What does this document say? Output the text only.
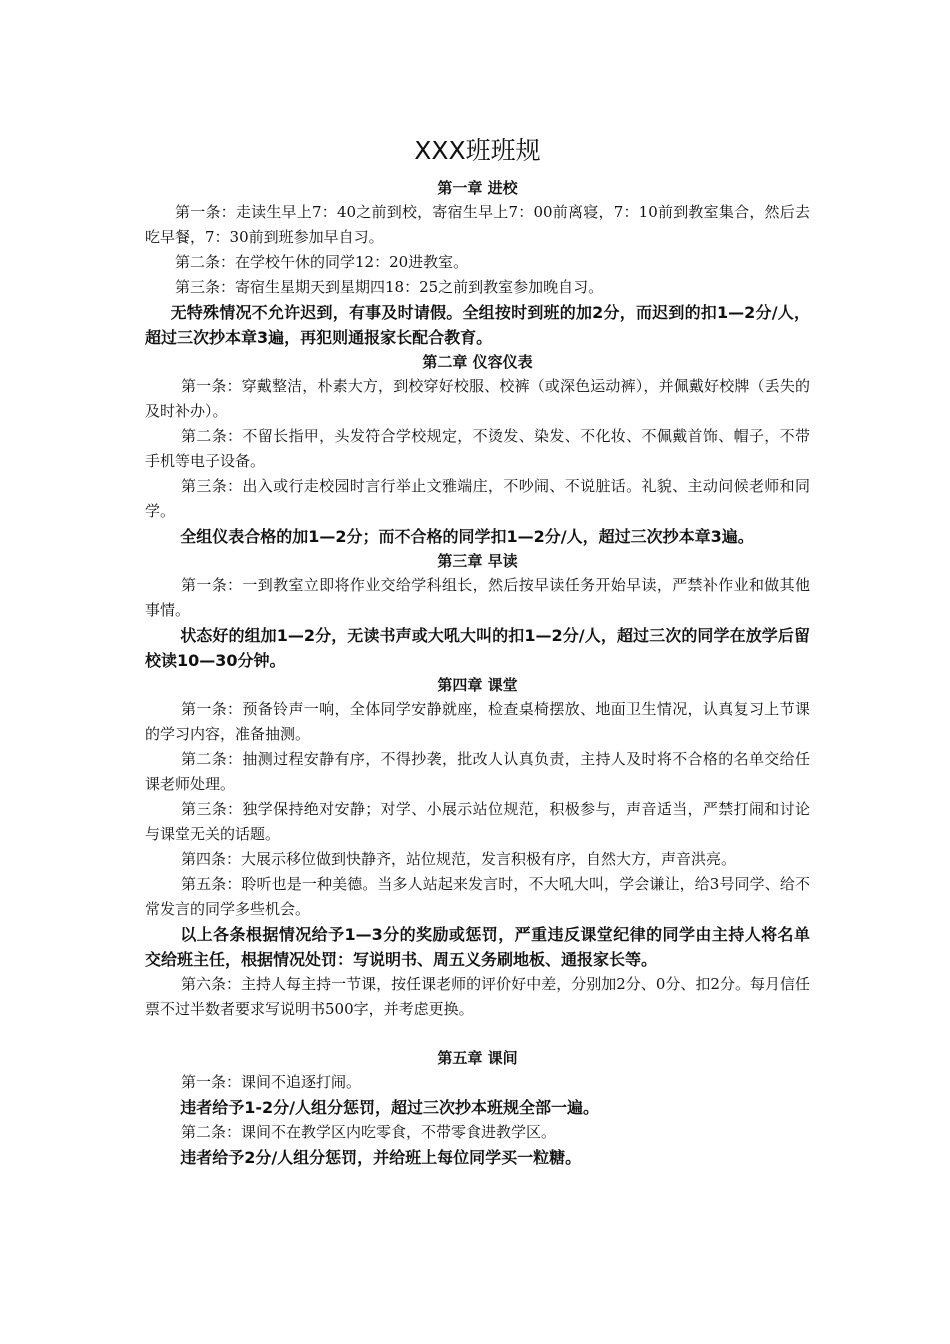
XXX班班规
第一章 进校

第一条：走读生早上7：40之前到校，寄宿生早上7：00前离寝，7：10前到教室集合，然后去吃早餐，7：30前到班参加早自习。

第二条：在学校午休的同学12：20进教室。

第三条：寄宿生星期天到星期四18：25之前到教室参加晚自习。

无特殊情况不允许迟到，有事及时请假。全组按时到班的加2分，而迟到的扣1—2分/人，超过三次抄本章3遍，再犯则通报家长配合教育。

第二章 仪容仪表

第一条：穿戴整洁，朴素大方，到校穿好校服、校裤（或深色运动裤），并佩戴好校牌（丢失的及时补办）。

第二条：不留长指甲，头发符合学校规定，不烫发、染发、不化妆、不佩戴首饰、帽子，不带手机等电子设备。

第三条：出入或行走校园时言行举止文雅端庄，不吵闹、不说脏话。礼貌、主动问候老师和同学。

全组仪表合格的加1—2分；而不合格的同学扣1—2分/人，超过三次抄本章3遍。

第三章 早读

第一条：一到教室立即将作业交给学科组长，然后按早读任务开始早读，严禁补作业和做其他事情。

状态好的组加1—2分，无读书声或大吼大叫的扣1—2分/人，超过三次的同学在放学后留校读10—30分钟。

第四章 课堂

第一条：预备铃声一响，全体同学安静就座，检查桌椅摆放、地面卫生情况，认真复习上节课的学习内容，准备抽测。

第二条：抽测过程安静有序，不得抄袭，批改人认真负责，主持人及时将不合格的名单交给任课老师处理。

第三条：独学保持绝对安静；对学、小展示站位规范，积极参与，声音适当，严禁打闹和讨论与课堂无关的话题。

第四条：大展示移位做到快静齐，站位规范，发言积极有序，自然大方，声音洪亮。

第五条：聆听也是一种美德。当多人站起来发言时，不大吼大叫，学会谦让，给3号同学、给不常发言的同学多些机会。

以上各条根据情况给予1—3分的奖励或惩罚，严重违反课堂纪律的同学由主持人将名单交给班主任，根据情况处罚：写说明书、周五义务刷地板、通报家长等。

第六条：主持人每主持一节课，按任课老师的评价好中差，分别加2分、0分、扣2分。每月信任票不过半数者要求写说明书500字，并考虑更换。

第五章 课间

第一条：课间不追逐打闹。

违者给予1-2分/人组分惩罚，超过三次抄本班规全部一遍。

第二条：课间不在教学区内吃零食，不带零食进教学区。

违者给予2分/人组分惩罚，并给班上每位同学买一粒糖。
